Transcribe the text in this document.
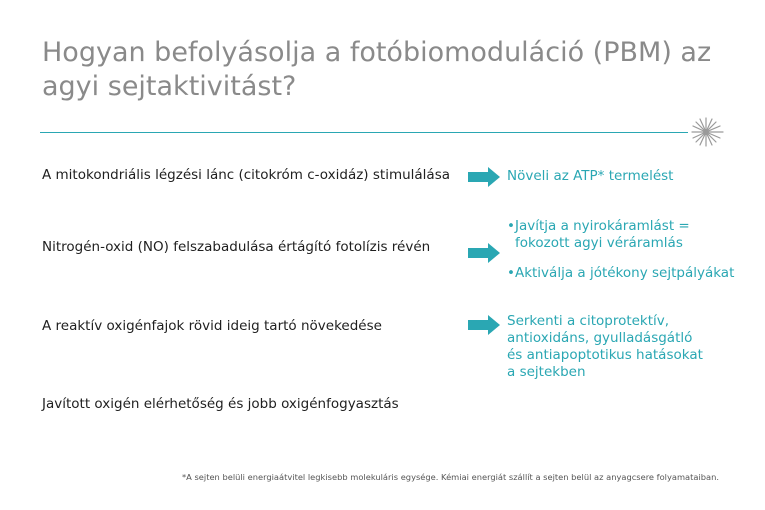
Hogyan befolyásolja a fotóbiomoduláció (PBM) az agyi sejtaktivitást?
A mitokondriális légzési lánc (citokróm c-oxidáz) stimulálása	Növeli az ATP* termelést
Nitrogén-oxid (NO) felszabadulása értágító fotolízis révén
•Javítja a nyirokáramlást =
fokozott agyi véráramlás
•Aktiválja a jótékony sejtpályákat
A reaktív oxigénfajok rövid ideig tartó növekedése	Serkenti a citoprotektív,
antioxidáns, gyulladásgátló
és antiapoptotikus hatásokat
a sejtekben
Javított oxigén elérhetőség és jobb oxigénfogyasztás
*A sejten belüli energiaátvitel legkisebb molekuláris egysége. Kémiai energiát szállít a sejten belül az anyagcsere folyamataiban.
